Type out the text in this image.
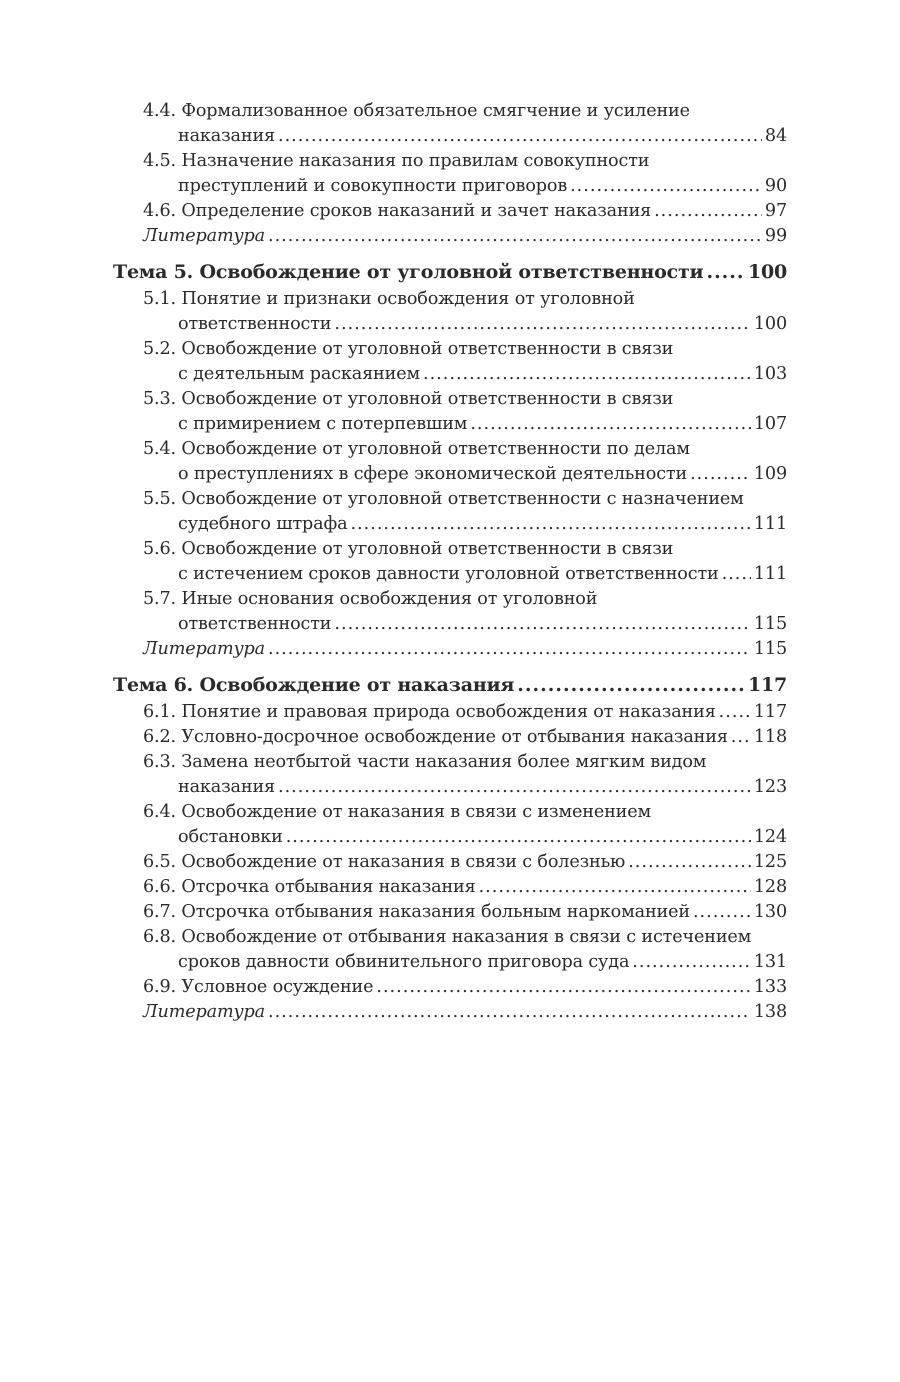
4.4. Формализованное обязательное смягчение и усиление
наказания .....	84
4.5. Назначение наказания по правилам совокупности
преступлений и совокупности приговоров .....	90
4.6. Определение сроков наказаний и зачет наказания .....	97
Литература .....	99
Тема 5. Освобождение от уголовной ответственности ..... 100
5.1. Понятие и признаки освобождения от уголовной
ответственности .....	100
5.2. Освобождение от уголовной ответственности в связи
с деятельным раскаянием .....	103
5.3. Освобождение от уголовной ответственности в связи
с примирением с потерпевшим .....	107
5.4. Освобождение от уголовной ответственности по делам
о преступлениях в сфере экономической деятельности .....	109
5.5. Освобождение от уголовной ответственности с назначением
судебного штрафа .....	111
5.6. Освобождение от уголовной ответственности в связи
с истечением сроков давности уголовной ответственности ..... 111
5.7. Иные основания освобождения от уголовной
ответственности .....	115
Литература .....	115
Тема 6. Освобождение от наказания .....	117
6.1. Понятие и правовая природа освобождения от наказания ..... 117
6.2. Условно-досрочное освобождение от отбывания наказания ..... 118
6.3. Замена неотбытой части наказания более мягким видом
наказания .....	123
6.4. Освобождение от наказания в связи с изменением
обстановки .....	124
6.5. Освобождение от наказания в связи с болезнью .....	125
6.6. Отсрочка отбывания наказания .....	128
6.7. Отсрочка отбывания наказания больным наркоманией .....	130
6.8. Освобождение от отбывания наказания в связи с истечением
сроков давности обвинительного приговора суда .....	131
6.9. Условное осуждение .....	133
Литература .....	138
